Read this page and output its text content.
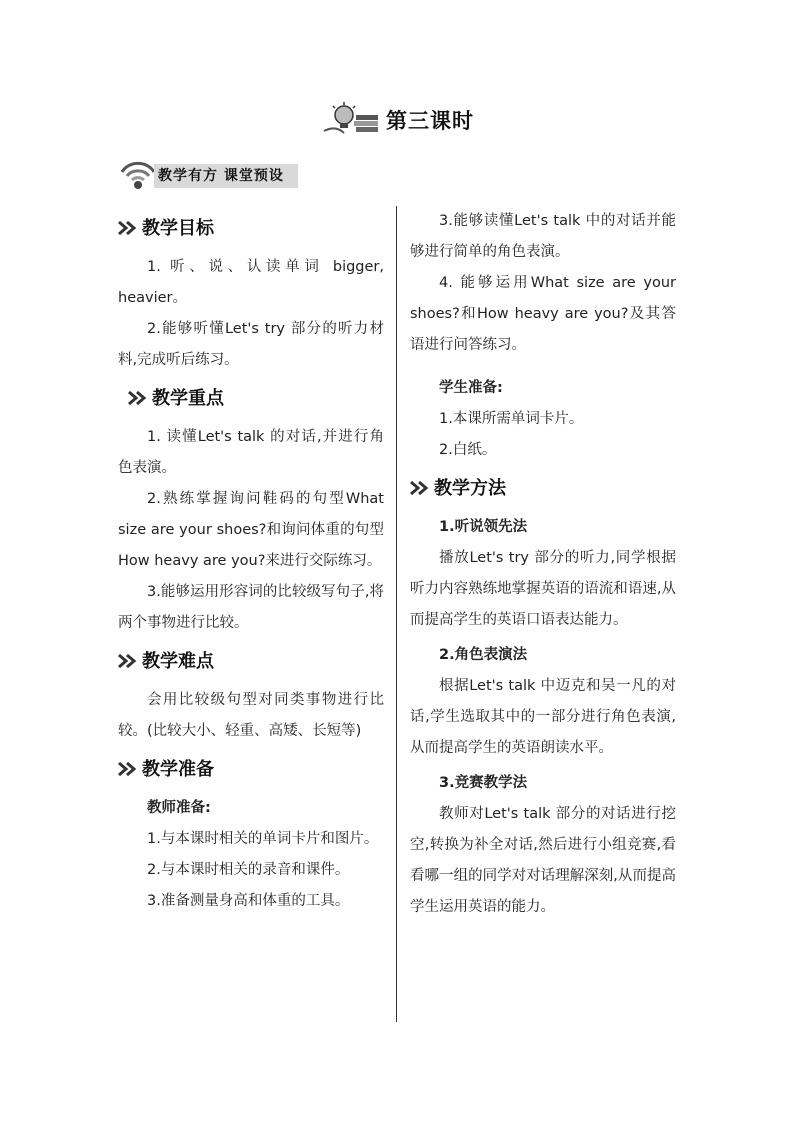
第三课时
教学有方 课堂预设
教学目标

1. 听、说、认读单词 bigger, heavier。

2.能够听懂Let's try 部分的听力材料,完成听后练习。

教学重点

1. 读懂Let's talk 的对话,并进行角色表演。

2.熟练掌握询问鞋码的句型What size are your shoes?和询问体重的句型How heavy are you?来进行交际练习。

3.能够运用形容词的比较级写句子,将两个事物进行比较。

教学难点

会用比较级句型对同类事物进行比较。(比较大小、轻重、高矮、长短等)

教学准备

教师准备:

1.与本课时相关的单词卡片和图片。

2.与本课时相关的录音和课件。

3.准备测量身高和体重的工具。

3.能够读懂Let's talk 中的对话并能够进行简单的角色表演。

4. 能够运用What size are your shoes?和How heavy are you?及其答语进行问答练习。

学生准备:

1.本课所需单词卡片。

2.白纸。

教学方法

1.听说领先法

播放Let's try 部分的听力,同学根据听力内容熟练地掌握英语的语流和语速,从而提高学生的英语口语表达能力。

2.角色表演法

根据Let's talk 中迈克和吴一凡的对话,学生选取其中的一部分进行角色表演,从而提高学生的英语朗读水平。

3.竞赛教学法

教师对Let's talk 部分的对话进行挖空,转换为补全对话,然后进行小组竞赛,看看哪一组的同学对对话理解深刻,从而提高学生运用英语的能力。
